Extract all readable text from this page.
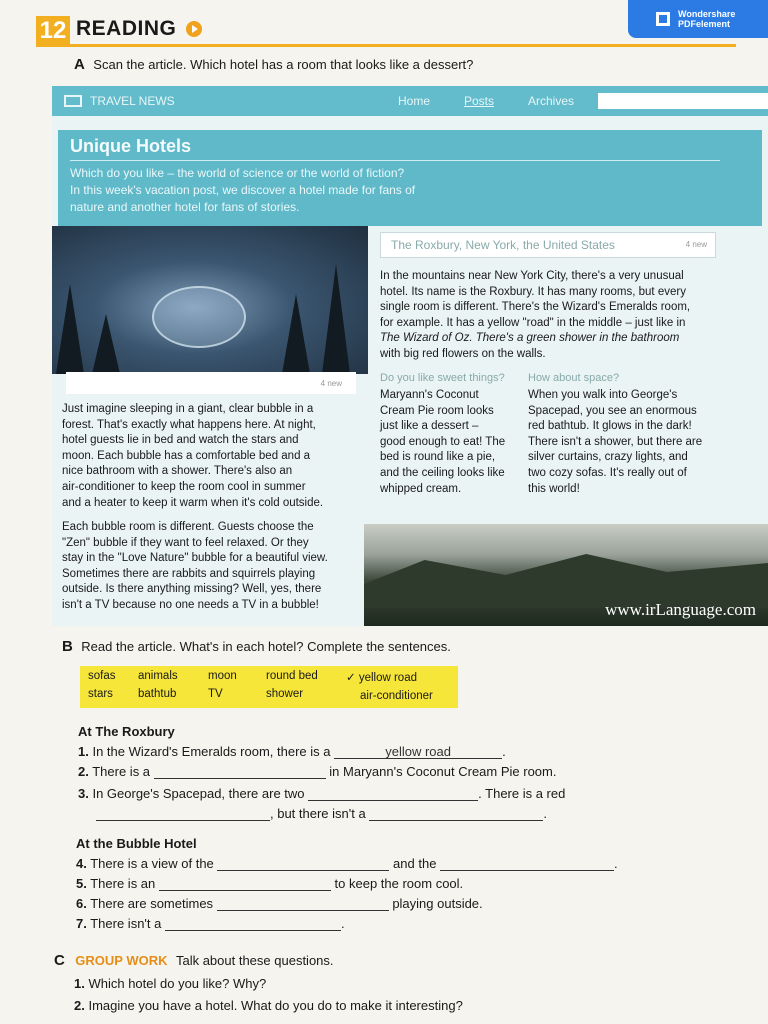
12 READING
Wondershare
PDFelement
A Scan the article. Which hotel has a room that looks like a dessert?
TRAVEL NEWS	Home	Posts	Archives
Unique Hotels
Which do you like – the world of science or the world of fiction?
In this week's vacation post, we discover a hotel made for fans of
nature and another hotel for fans of stories.
The Roxbury, New York, the United States	4 new
In the mountains near New York City, there's a very unusual
hotel. Its name is the Roxbury. It has many rooms, but every
single room is different. There's the Wizard's Emeralds room,
for example. It has a yellow "road" in the middle – just like in
The Wizard of Oz. There's a green shower in the bathroom
with big red flowers on the walls.
4 new
Just imagine sleeping in a giant, clear bubble in a
forest. That's exactly what happens here. At night,
hotel guests lie in bed and watch the stars and
moon. Each bubble has a comfortable bed and a
nice bathroom with a shower. There's also an
air-conditioner to keep the room cool in summer
and a heater to keep it warm when it's cold outside.
Each bubble room is different. Guests choose the
"Zen" bubble if they want to feel relaxed. Or they
stay in the "Love Nature" bubble for a beautiful view.
Sometimes there are rabbits and squirrels playing
outside. Is there anything missing? Well, yes, there
isn't a TV because no one needs a TV in a bubble!
Do you like sweet things?
Maryann's Coconut
Cream Pie room looks
just like a dessert –
good enough to eat! The
bed is round like a pie,
and the ceiling looks like
whipped cream.
How about space?
When you walk into George's
Spacepad, you see an enormous
red bathtub. It glows in the dark!
There isn't a shower, but there are
silver curtains, crazy lights, and
two cozy sofas. It's really out of
this world!
www.irLanguage.com
B Read the article. What's in each hotel? Complete the sentences.
sofas animals	moon	round bed ✓ yellow road
stars bathtub	TV	shower	air-conditioner
At The Roxbury
1. In the Wizard's Emeralds room, there is a	yellow road	.
2. There is a	in Maryann's Coconut Cream Pie room.
3. In George's Spacepad, there are two	. There is a red
, but there isn't a	.
At the Bubble Hotel
4. There is a view of the	and the	.
5. There is an	to keep the room cool.
6. There are sometimes	playing outside.
7. There isn't a	.
C GROUP WORK Talk about these questions.
1. Which hotel do you like? Why?
2. Imagine you have a hotel. What do you do to make it interesting?
